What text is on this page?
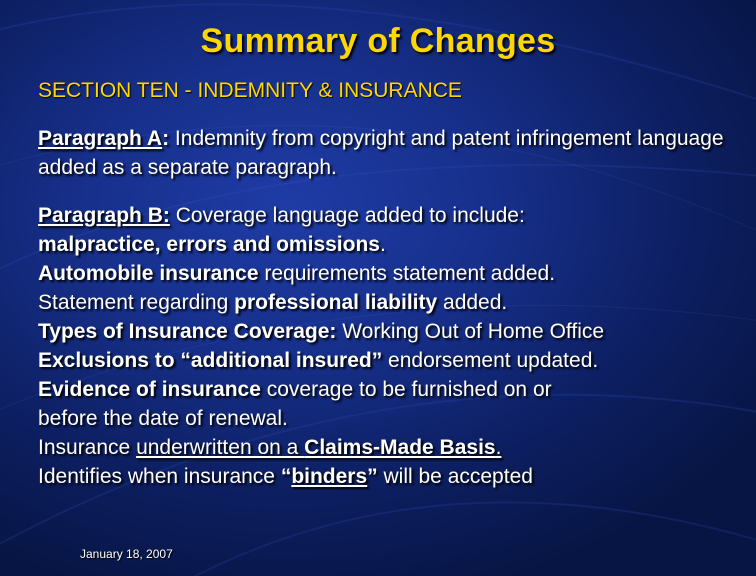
Summary of Changes
SECTION TEN - INDEMNITY & INSURANCE
Paragraph A: Indemnity from copyright and patent infringement language added as a separate paragraph.
Paragraph B: Coverage language added to include:
malpractice, errors and omissions.
Automobile insurance requirements statement added.
Statement regarding professional liability added.
Types of Insurance Coverage: Working Out of Home Office
Exclusions to “additional insured” endorsement updated.
Evidence of insurance coverage to be furnished on or
before the date of renewal.
Insurance underwritten on a Claims-Made Basis.
Identifies when insurance “binders” will be accepted
January 18, 2007
